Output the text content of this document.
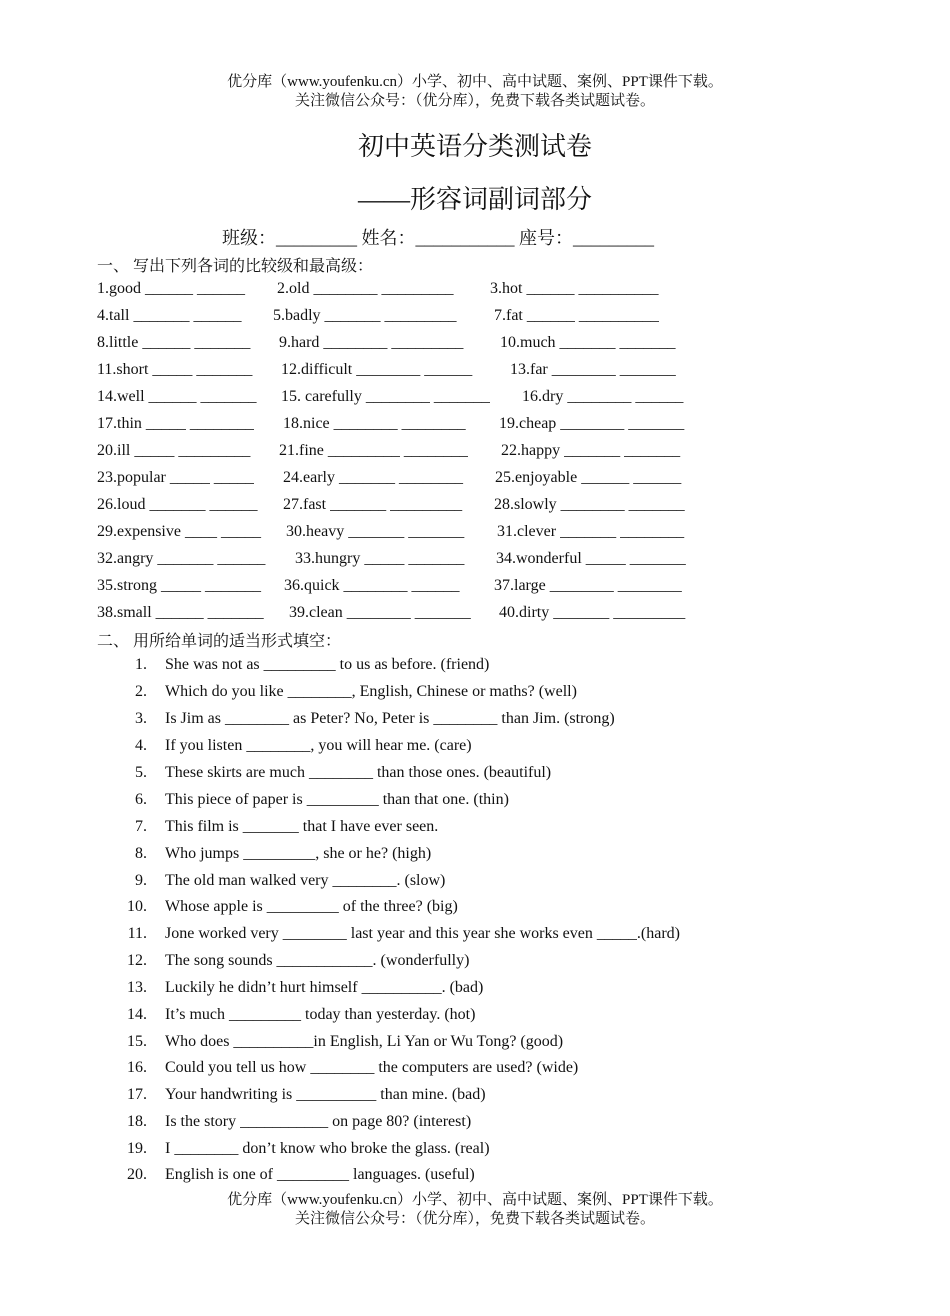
优分库（www.youfenku.cn）小学、初中、高中试题、案例、PPT课件下载。
关注微信公众号：（优分库），免费下载各类试题试卷。
初中英语分类测试卷
——形容词副词部分
班级：_________ 姓名：___________ 座号：_________
一、 写出下列各词的比较级和最高级：
1.good ______ ______ 2.old ________ _________ 3.hot ______ __________
4.tall _______ ______ 5.badly _______ _________ 7.fat ______ __________
8.little ______ _______ 9.hard ________ _________ 10.much _______ _______
11.short _____ _______ 12.difficult ________ ______ 13.far ________ _______
14.well ______ _______ 15. carefully ________ _______ 16.dry ________ ______
17.thin _____ ________ 18.nice ________ ________ 19.cheap ________ _______
20.ill _____ _________ 21.fine _________ ________ 22.happy _______ _______
23.popular _____ _____ 24.early _______ ________ 25.enjoyable ______ ______
26.loud _______ ______ 27.fast _______ _________ 28.slowly ________ _______
29.expensive ____ _____ 30.heavy _______ _______ 31.clever _______ ________
32.angry _______ ______ 33.hungry _____ _______ 34.wonderful _____ _______
35.strong _____ _______ 36.quick ________ ______ 37.large ________ ________
38.small ______ _______ 39.clean ________ _______ 40.dirty _______ _________
二、 用所给单词的适当形式填空：
1. She was not as _________ to us as before. (friend)
2. Which do you like ________, English, Chinese or maths? (well)
3. Is Jim as ________ as Peter? No, Peter is ________ than Jim. (strong)
4. If you listen ________, you will hear me. (care)
5. These skirts are much ________ than those ones. (beautiful)
6. This piece of paper is _________ than that one. (thin)
7. This film is _______ that I have ever seen.
8. Who jumps _________, she or he? (high)
9. The old man walked very ________. (slow)
10. Whose apple is _________ of the three? (big)
11. Jone worked very ________ last year and this year she works even _____.(hard)
12. The song sounds ____________. (wonderfully)
13. Luckily he didn’t hurt himself __________. (bad)
14. It’s much _________ today than yesterday. (hot)
15. Who does __________in English, Li Yan or Wu Tong? (good)
16. Could you tell us how ________ the computers are used? (wide)
17. Your handwriting is __________ than mine. (bad)
18. Is the story ___________ on page 80? (interest)
19. I ________ don’t know who broke the glass. (real)
20. English is one of _________ languages. (useful)
优分库（www.youfenku.cn）小学、初中、高中试题、案例、PPT课件下载。
关注微信公众号：（优分库），免费下载各类试题试卷。
